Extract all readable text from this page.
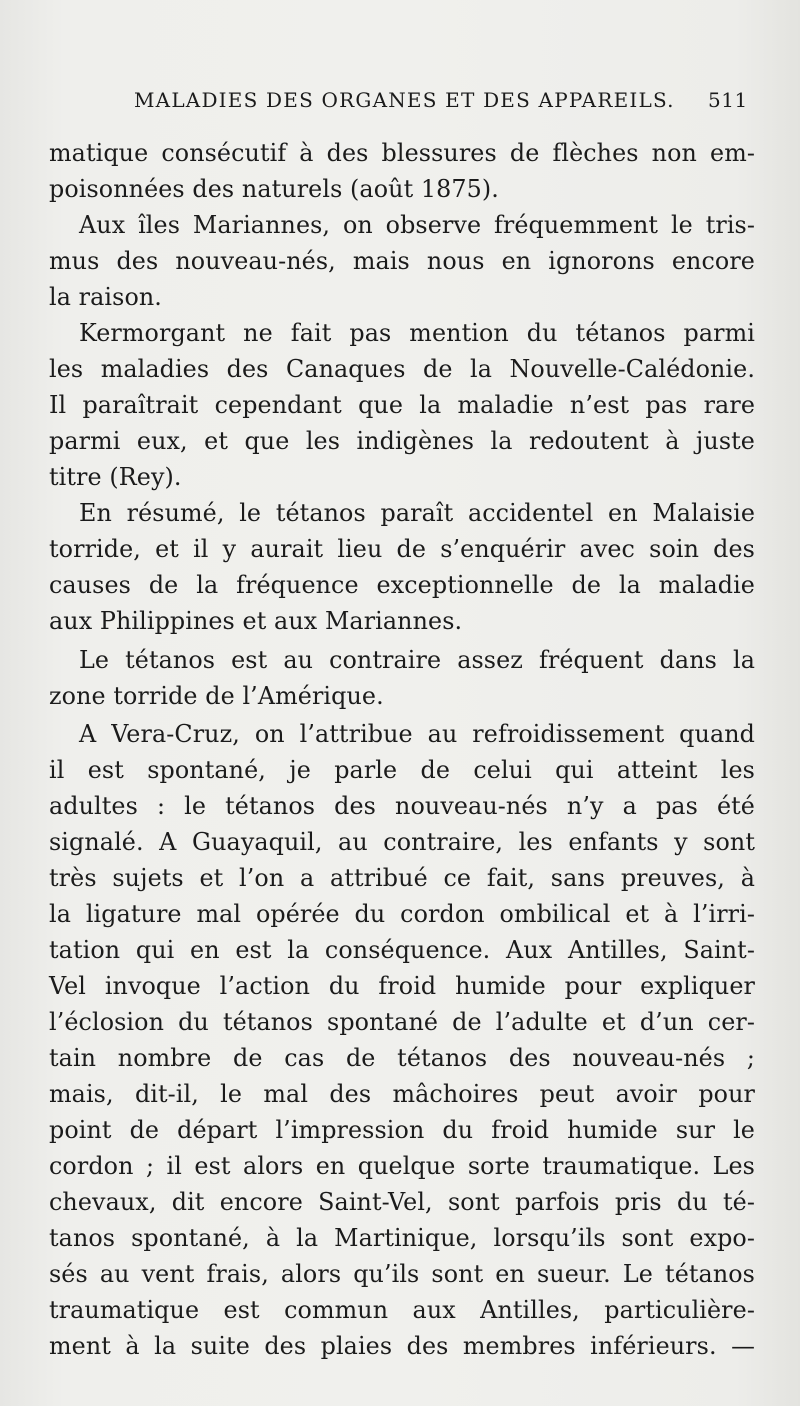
MALADIES DES ORGANES ET DES APPAREILS. 511
matique consécutif à des blessures de flèches non em-
poisonnées des naturels (août 1875).
Aux îles Mariannes, on observe fréquemment le tris-
mus des nouveau-nés, mais nous en ignorons encore
la raison.
Kermorgant ne fait pas mention du tétanos parmi
les maladies des Canaques de la Nouvelle-Calédonie.
Il paraîtrait cependant que la maladie n’est pas rare
parmi eux, et que les indigènes la redoutent à juste
titre (Rey).
En résumé, le tétanos paraît accidentel en Malaisie
torride, et il y aurait lieu de s’enquérir avec soin des
causes de la fréquence exceptionnelle de la maladie
aux Philippines et aux Mariannes.
Le tétanos est au contraire assez fréquent dans la
zone torride de l’Amérique.
A Vera-Cruz, on l’attribue au refroidissement quand
il est spontané, je parle de celui qui atteint les
adultes : le tétanos des nouveau-nés n’y a pas été
signalé. A Guayaquil, au contraire, les enfants y sont
très sujets et l’on a attribué ce fait, sans preuves, à
la ligature mal opérée du cordon ombilical et à l’irri-
tation qui en est la conséquence. Aux Antilles, Saint-
Vel invoque l’action du froid humide pour expliquer
l’éclosion du tétanos spontané de l’adulte et d’un cer-
tain nombre de cas de tétanos des nouveau-nés ;
mais, dit-il, le mal des mâchoires peut avoir pour
point de départ l’impression du froid humide sur le
cordon ; il est alors en quelque sorte traumatique. Les
chevaux, dit encore Saint-Vel, sont parfois pris du té-
tanos spontané, à la Martinique, lorsqu’ils sont expo-
sés au vent frais, alors qu’ils sont en sueur. Le tétanos
traumatique est commun aux Antilles, particulière-
ment à la suite des plaies des membres inférieurs. —
